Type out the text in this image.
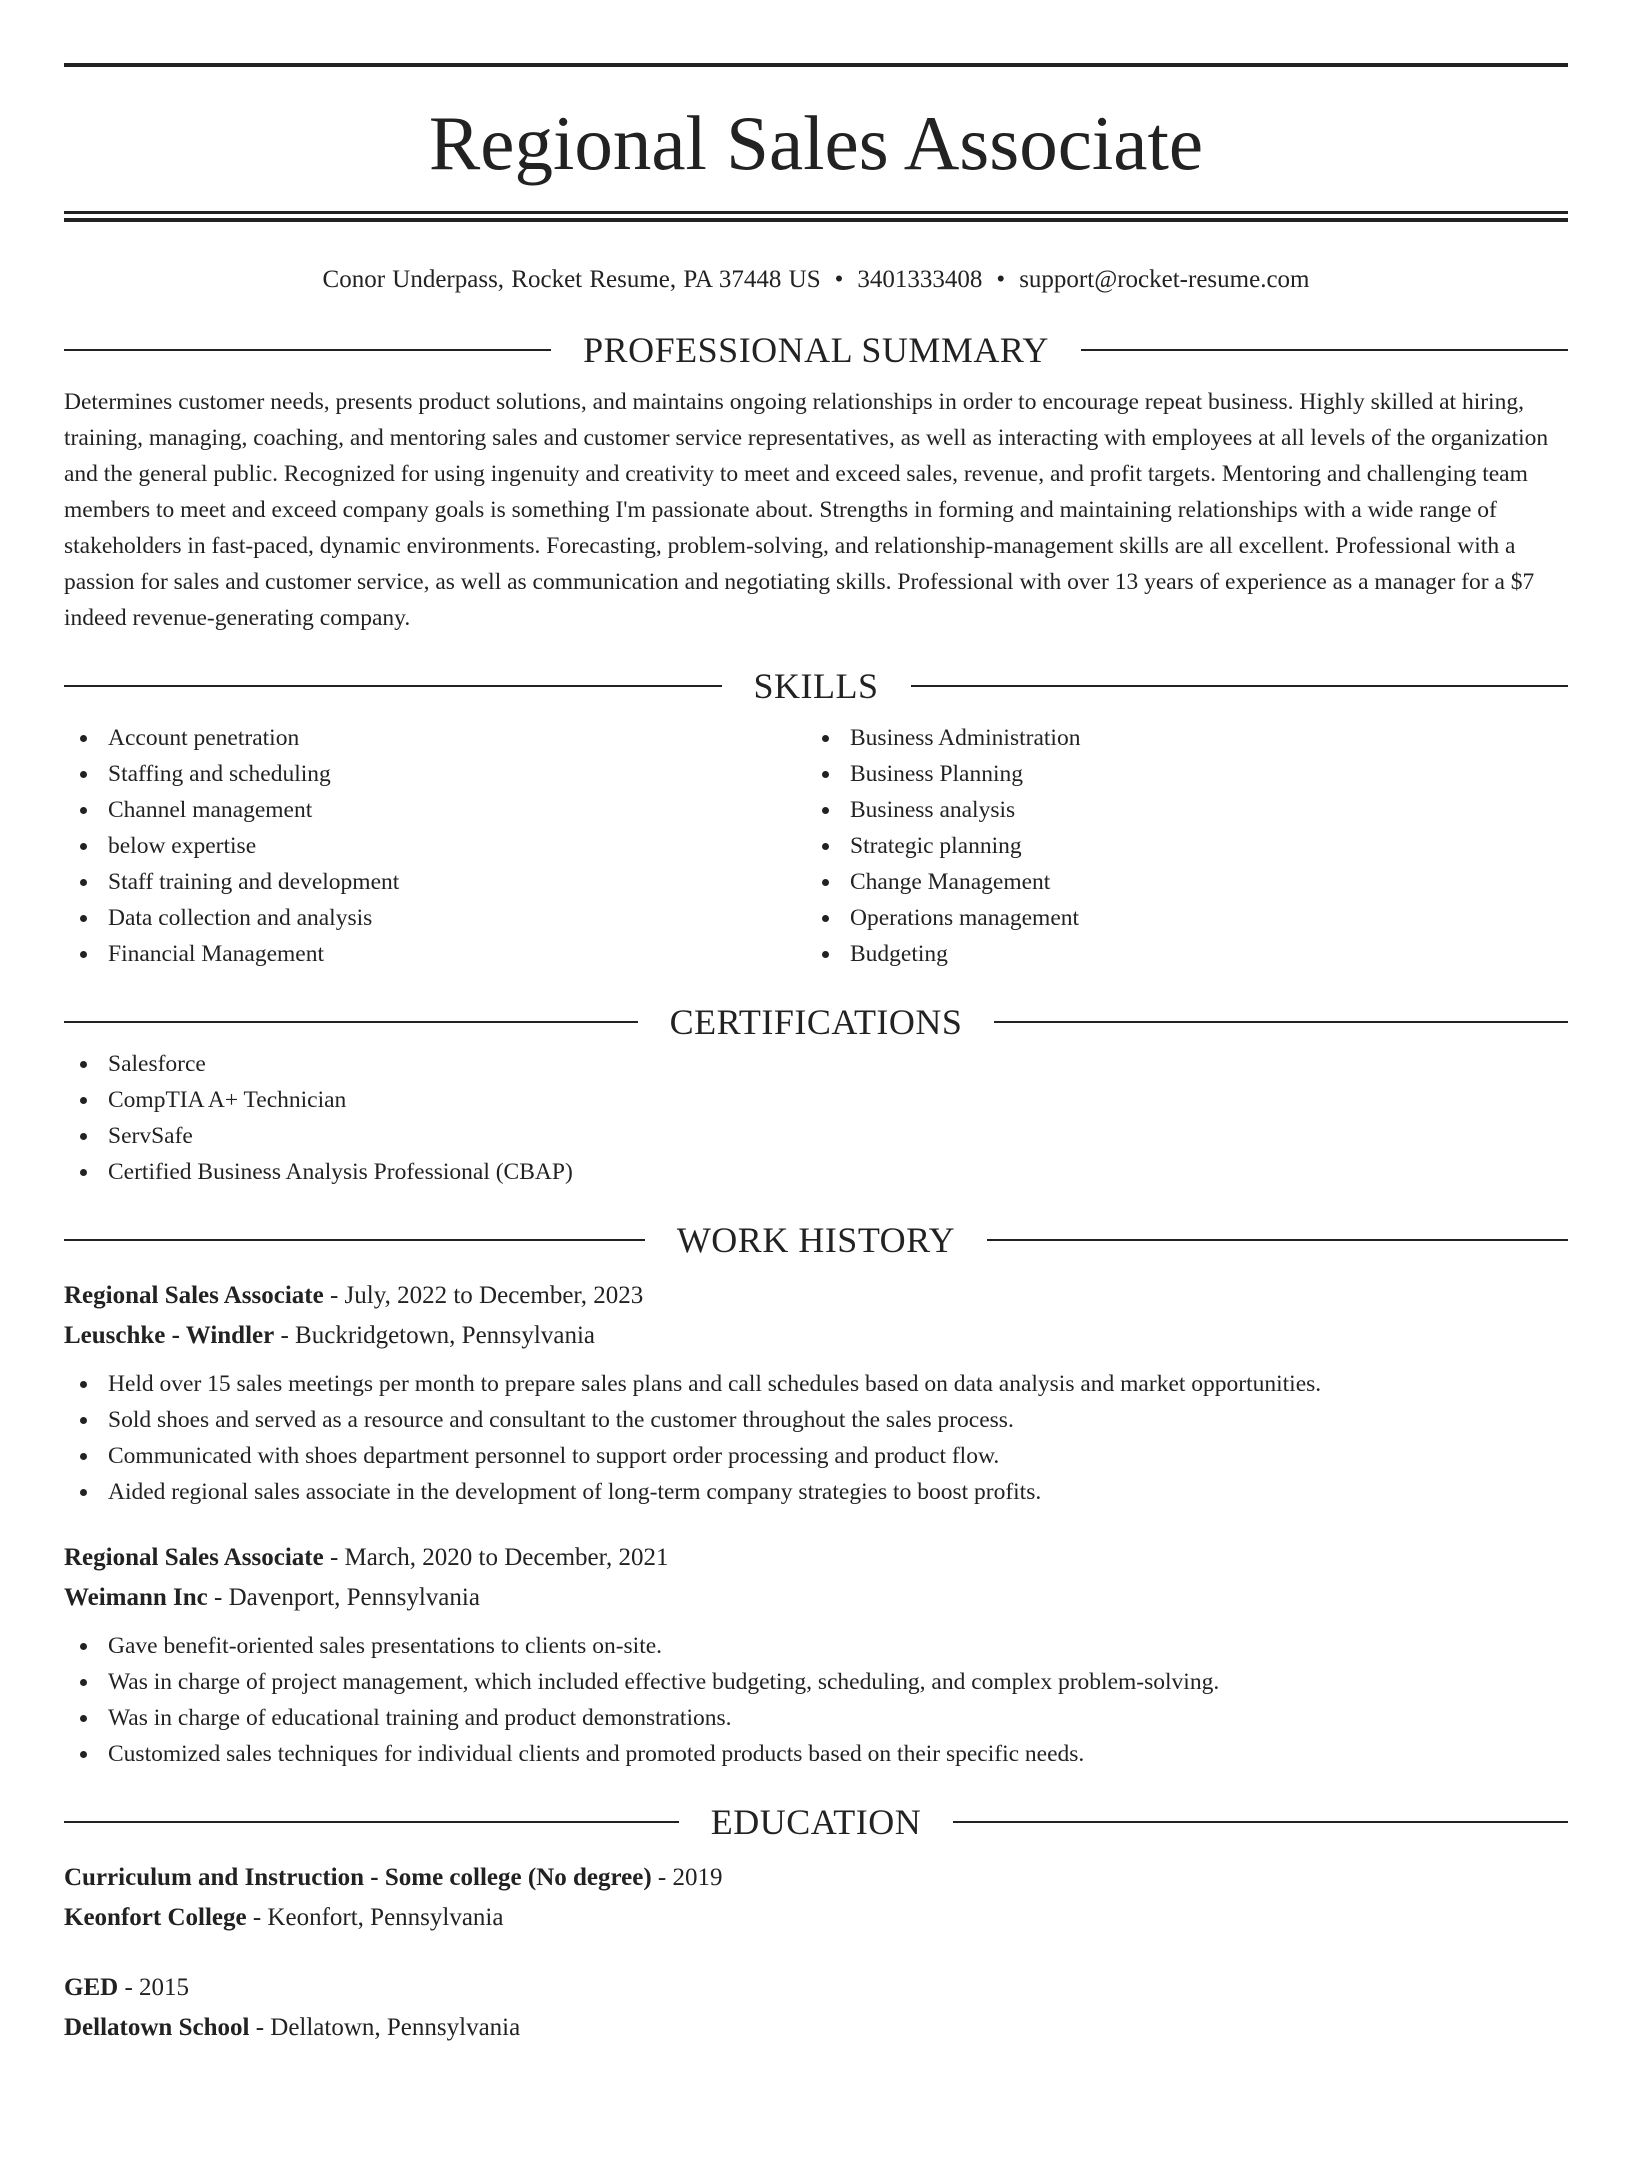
Regional Sales Associate
Conor Underpass, Rocket Resume, PA 37448 US • 3401333408 • support@rocket-resume.com
PROFESSIONAL SUMMARY
Determines customer needs, presents product solutions, and maintains ongoing relationships in order to encourage repeat business. Highly skilled at hiring, training, managing, coaching, and mentoring sales and customer service representatives, as well as interacting with employees at all levels of the organization and the general public. Recognized for using ingenuity and creativity to meet and exceed sales, revenue, and profit targets. Mentoring and challenging team members to meet and exceed company goals is something I'm passionate about. Strengths in forming and maintaining relationships with a wide range of stakeholders in fast-paced, dynamic environments. Forecasting, problem-solving, and relationship-management skills are all excellent. Professional with a passion for sales and customer service, as well as communication and negotiating skills. Professional with over 13 years of experience as a manager for a $7 indeed revenue-generating company.
SKILLS
Account penetration
Staffing and scheduling
Channel management
below expertise
Staff training and development
Data collection and analysis
Financial Management
Business Administration
Business Planning
Business analysis
Strategic planning
Change Management
Operations management
Budgeting
CERTIFICATIONS
Salesforce
CompTIA A+ Technician
ServSafe
Certified Business Analysis Professional (CBAP)
WORK HISTORY
Regional Sales Associate - July, 2022 to December, 2023
Leuschke - Windler - Buckridgetown, Pennsylvania
Held over 15 sales meetings per month to prepare sales plans and call schedules based on data analysis and market opportunities.
Sold shoes and served as a resource and consultant to the customer throughout the sales process.
Communicated with shoes department personnel to support order processing and product flow.
Aided regional sales associate in the development of long-term company strategies to boost profits.
Regional Sales Associate - March, 2020 to December, 2021
Weimann Inc - Davenport, Pennsylvania
Gave benefit-oriented sales presentations to clients on-site.
Was in charge of project management, which included effective budgeting, scheduling, and complex problem-solving.
Was in charge of educational training and product demonstrations.
Customized sales techniques for individual clients and promoted products based on their specific needs.
EDUCATION
Curriculum and Instruction - Some college (No degree) - 2019
Keonfort College - Keonfort, Pennsylvania
GED - 2015
Dellatown School - Dellatown, Pennsylvania
